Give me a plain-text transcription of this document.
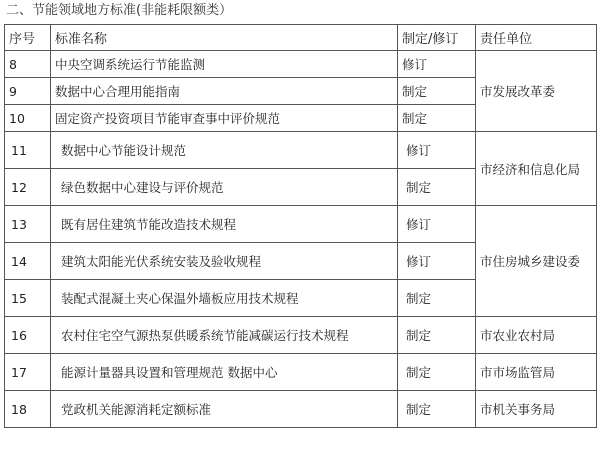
二、节能领域地方标准(非能耗限额类）
序号	标准名称	制定/修订	责任单位
8	中央空调系统运行节能监测	修订	市发展改革委
9	数据中心合理用能指南	制定	
10	固定资产投资项目节能审查事中评价规范	制定	
11	数据中心节能设计规范	修订	市经济和信息化局
12	绿色数据中心建设与评价规范	制定	
13	既有居住建筑节能改造技术规程	修订	市住房城乡建设委
14	建筑太阳能光伏系统安装及验收规程	修订	
15	装配式混凝土夹心保温外墙板应用技术规程	制定	
16	农村住宅空气源热泵供暖系统节能减碳运行技术规程	制定	市农业农村局
17	能源计量器具设置和管理规范 数据中心	制定	市市场监管局
18	党政机关能源消耗定额标准	制定	市机关事务局
